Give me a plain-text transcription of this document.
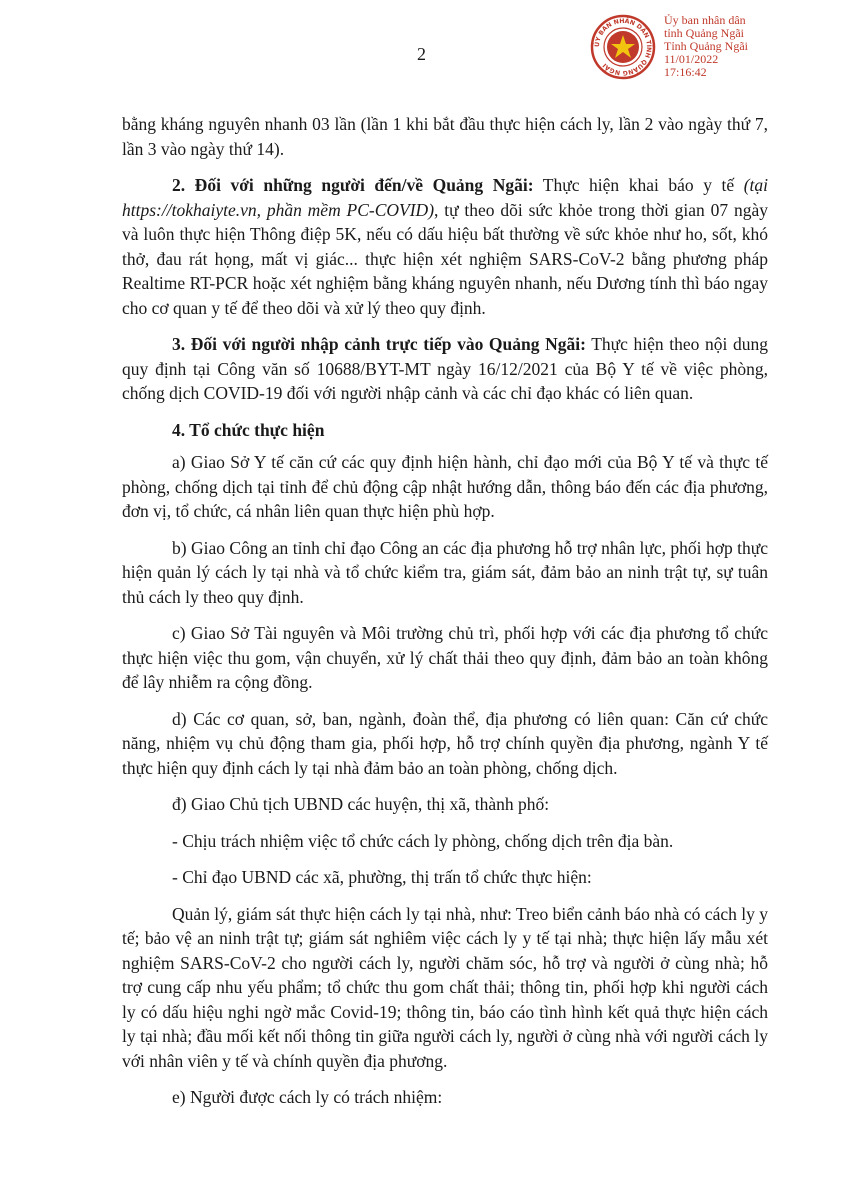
2	ỦY BAN NHÂN DÂN TỈNH QUẢNG NGÃI
Ủy ban nhân dân
tỉnh Quảng Ngãi
Tỉnh Quảng Ngãi
11/01/2022
17:16:42

bằng kháng nguyên nhanh 03 lần (lần 1 khi bắt đầu thực hiện cách ly, lần 2 vào ngày thứ 7, lần 3 vào ngày thứ 14).

2. Đối với những người đến/về Quảng Ngãi: Thực hiện khai báo y tế (tại https://tokhaiyte.vn, phần mềm PC-COVID), tự theo dõi sức khỏe trong thời gian 07 ngày và luôn thực hiện Thông điệp 5K, nếu có dấu hiệu bất thường về sức khỏe như ho, sốt, khó thở, đau rát họng, mất vị giác... thực hiện xét nghiệm SARS-CoV-2 bằng phương pháp Realtime RT-PCR hoặc xét nghiệm bằng kháng nguyên nhanh, nếu Dương tính thì báo ngay cho cơ quan y tế để theo dõi và xử lý theo quy định.

3. Đối với người nhập cảnh trực tiếp vào Quảng Ngãi: Thực hiện theo nội dung quy định tại Công văn số 10688/BYT-MT ngày 16/12/2021 của Bộ Y tế về việc phòng, chống dịch COVID-19 đối với người nhập cảnh và các chỉ đạo khác có liên quan.

4. Tổ chức thực hiện

a) Giao Sở Y tế căn cứ các quy định hiện hành, chỉ đạo mới của Bộ Y tế và thực tế phòng, chống dịch tại tỉnh để chủ động cập nhật hướng dẫn, thông báo đến các địa phương, đơn vị, tổ chức, cá nhân liên quan thực hiện phù hợp.

b) Giao Công an tỉnh chỉ đạo Công an các địa phương hỗ trợ nhân lực, phối hợp thực hiện quản lý cách ly tại nhà và tổ chức kiểm tra, giám sát, đảm bảo an ninh trật tự, sự tuân thủ cách ly theo quy định.

c) Giao Sở Tài nguyên và Môi trường chủ trì, phối hợp với các địa phương tổ chức thực hiện việc thu gom, vận chuyển, xử lý chất thải theo quy định, đảm bảo an toàn không để lây nhiễm ra cộng đồng.

d) Các cơ quan, sở, ban, ngành, đoàn thể, địa phương có liên quan: Căn cứ chức năng, nhiệm vụ chủ động tham gia, phối hợp, hỗ trợ chính quyền địa phương, ngành Y tế thực hiện quy định cách ly tại nhà đảm bảo an toàn phòng, chống dịch.

đ) Giao Chủ tịch UBND các huyện, thị xã, thành phố:

- Chịu trách nhiệm việc tổ chức cách ly phòng, chống dịch trên địa bàn.

- Chỉ đạo UBND các xã, phường, thị trấn tổ chức thực hiện:

Quản lý, giám sát thực hiện cách ly tại nhà, như: Treo biển cảnh báo nhà có cách ly y tế; bảo vệ an ninh trật tự; giám sát nghiêm việc cách ly y tế tại nhà; thực hiện lấy mẫu xét nghiệm SARS-CoV-2 cho người cách ly, người chăm sóc, hỗ trợ và người ở cùng nhà; hỗ trợ cung cấp nhu yếu phẩm; tổ chức thu gom chất thải; thông tin, phối hợp khi người cách ly có dấu hiệu nghi ngờ mắc Covid-19; thông tin, báo cáo tình hình kết quả thực hiện cách ly tại nhà; đầu mối kết nối thông tin giữa người cách ly, người ở cùng nhà với người cách ly với nhân viên y tế và chính quyền địa phương.

e) Người được cách ly có trách nhiệm:
